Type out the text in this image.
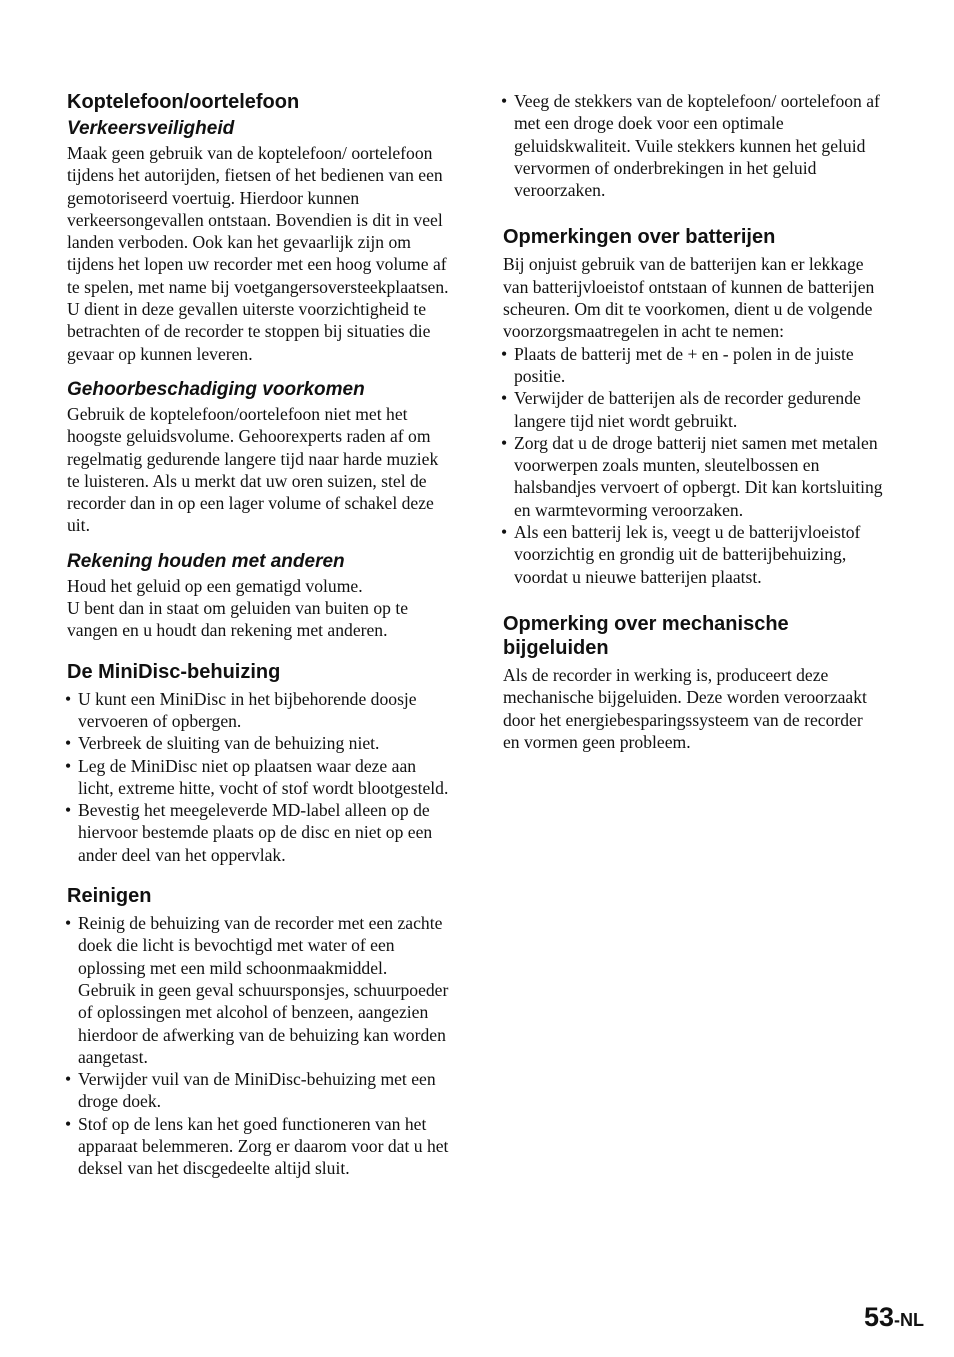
Koptelefoon/oortelefoon
Verkeersveiligheid

Maak geen gebruik van de koptelefoon/ oortelefoon tijdens het autorijden, fietsen of het bedienen van een gemotoriseerd voertuig. Hierdoor kunnen verkeersongevallen ontstaan. Bovendien is dit in veel landen verboden. Ook kan het gevaarlijk zijn om tijdens het lopen uw recorder met een hoog volume af te spelen, met name bij voetgangersoversteekplaatsen. U dient in deze gevallen uiterste voorzichtigheid te betrachten of de recorder te stoppen bij situaties die gevaar op kunnen leveren.

Gehoorbeschadiging voorkomen

Gebruik de koptelefoon/oortelefoon niet met het hoogste geluidsvolume. Gehoorexperts raden af om regelmatig gedurende langere tijd naar harde muziek te luisteren. Als u merkt dat uw oren suizen, stel de recorder dan in op een lager volume of schakel deze uit.

Rekening houden met anderen

Houd het geluid op een gematigd volume.

U bent dan in staat om geluiden van buiten op te vangen en u houdt dan rekening met anderen.

De MiniDisc-behuizing
• U kunt een MiniDisc in het bijbehorende doosje vervoeren of opbergen.
• Verbreek de sluiting van de behuizing niet.
• Leg de MiniDisc niet op plaatsen waar deze aan licht, extreme hitte, vocht of stof wordt blootgesteld.
• Bevestig het meegeleverde MD-label alleen op de hiervoor bestemde plaats op de disc en niet op een ander deel van het oppervlak.
Reinigen
• Reinig de behuizing van de recorder met een zachte doek die licht is bevochtigd met water of een oplossing met een mild schoonmaakmiddel. Gebruik in geen geval schuursponsjes, schuurpoeder of oplossingen met alcohol of benzeen, aangezien hierdoor de afwerking van de behuizing kan worden aangetast.
• Verwijder vuil van de MiniDisc-behuizing met een droge doek.
• Stof op de lens kan het goed functioneren van het apparaat belemmeren. Zorg er daarom voor dat u het deksel van het discgedeelte altijd sluit.
• Veeg de stekkers van de koptelefoon/ oortelefoon af met een droge doek voor een optimale geluidskwaliteit. Vuile stekkers kunnen het geluid vervormen of onderbrekingen in het geluid veroorzaken.
Opmerkingen over batterijen

Bij onjuist gebruik van de batterijen kan er lekkage van batterijvloeistof ontstaan of kunnen de batterijen scheuren. Om dit te voorkomen, dient u de volgende voorzorgsmaatregelen in acht te nemen:

• Plaats de batterij met de + en - polen in de juiste positie.
• Verwijder de batterijen als de recorder gedurende langere tijd niet wordt gebruikt.
• Zorg dat u de droge batterij niet samen met metalen voorwerpen zoals munten, sleutelbossen en halsbandjes vervoert of opbergt. Dit kan kortsluiting en warmtevorming veroorzaken.
• Als een batterij lek is, veegt u de batterijvloeistof voorzichtig en grondig uit de batterijbehuizing, voordat u nieuwe batterijen plaatst.
Opmerking over mechanische bijgeluiden

Als de recorder in werking is, produceert deze mechanische bijgeluiden. Deze worden veroorzaakt door het energiebesparingssysteem van de recorder en vormen geen probleem.

53-NL
